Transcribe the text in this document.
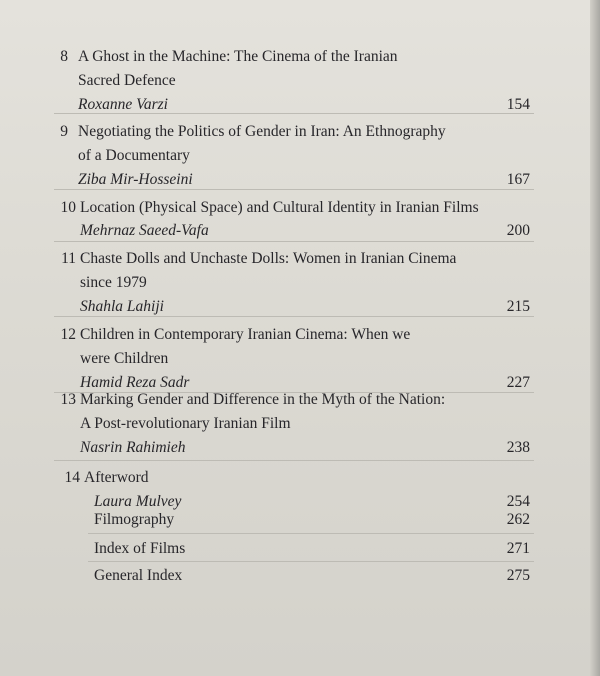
8 A Ghost in the Machine: The Cinema of the Iranian
Sacred Defence
Roxanne Varzi	154
9 Negotiating the Politics of Gender in Iran: An Ethnography
of a Documentary
Ziba Mir-Hosseini	167
10 Location (Physical Space) and Cultural Identity in Iranian Films
Mehrnaz Saeed-Vafa	200
11 Chaste Dolls and Unchaste Dolls: Women in Iranian Cinema
since 1979
Shahla Lahiji	215
12 Children in Contemporary Iranian Cinema: When we
were Children
Hamid Reza Sadr	227
13 Marking Gender and Difference in the Myth of the Nation:
A Post-revolutionary Iranian Film
Nasrin Rahimieh	238
14 Afterword
Laura Mulvey	254
Filmography	262
Index of Films	271
General Index	275
